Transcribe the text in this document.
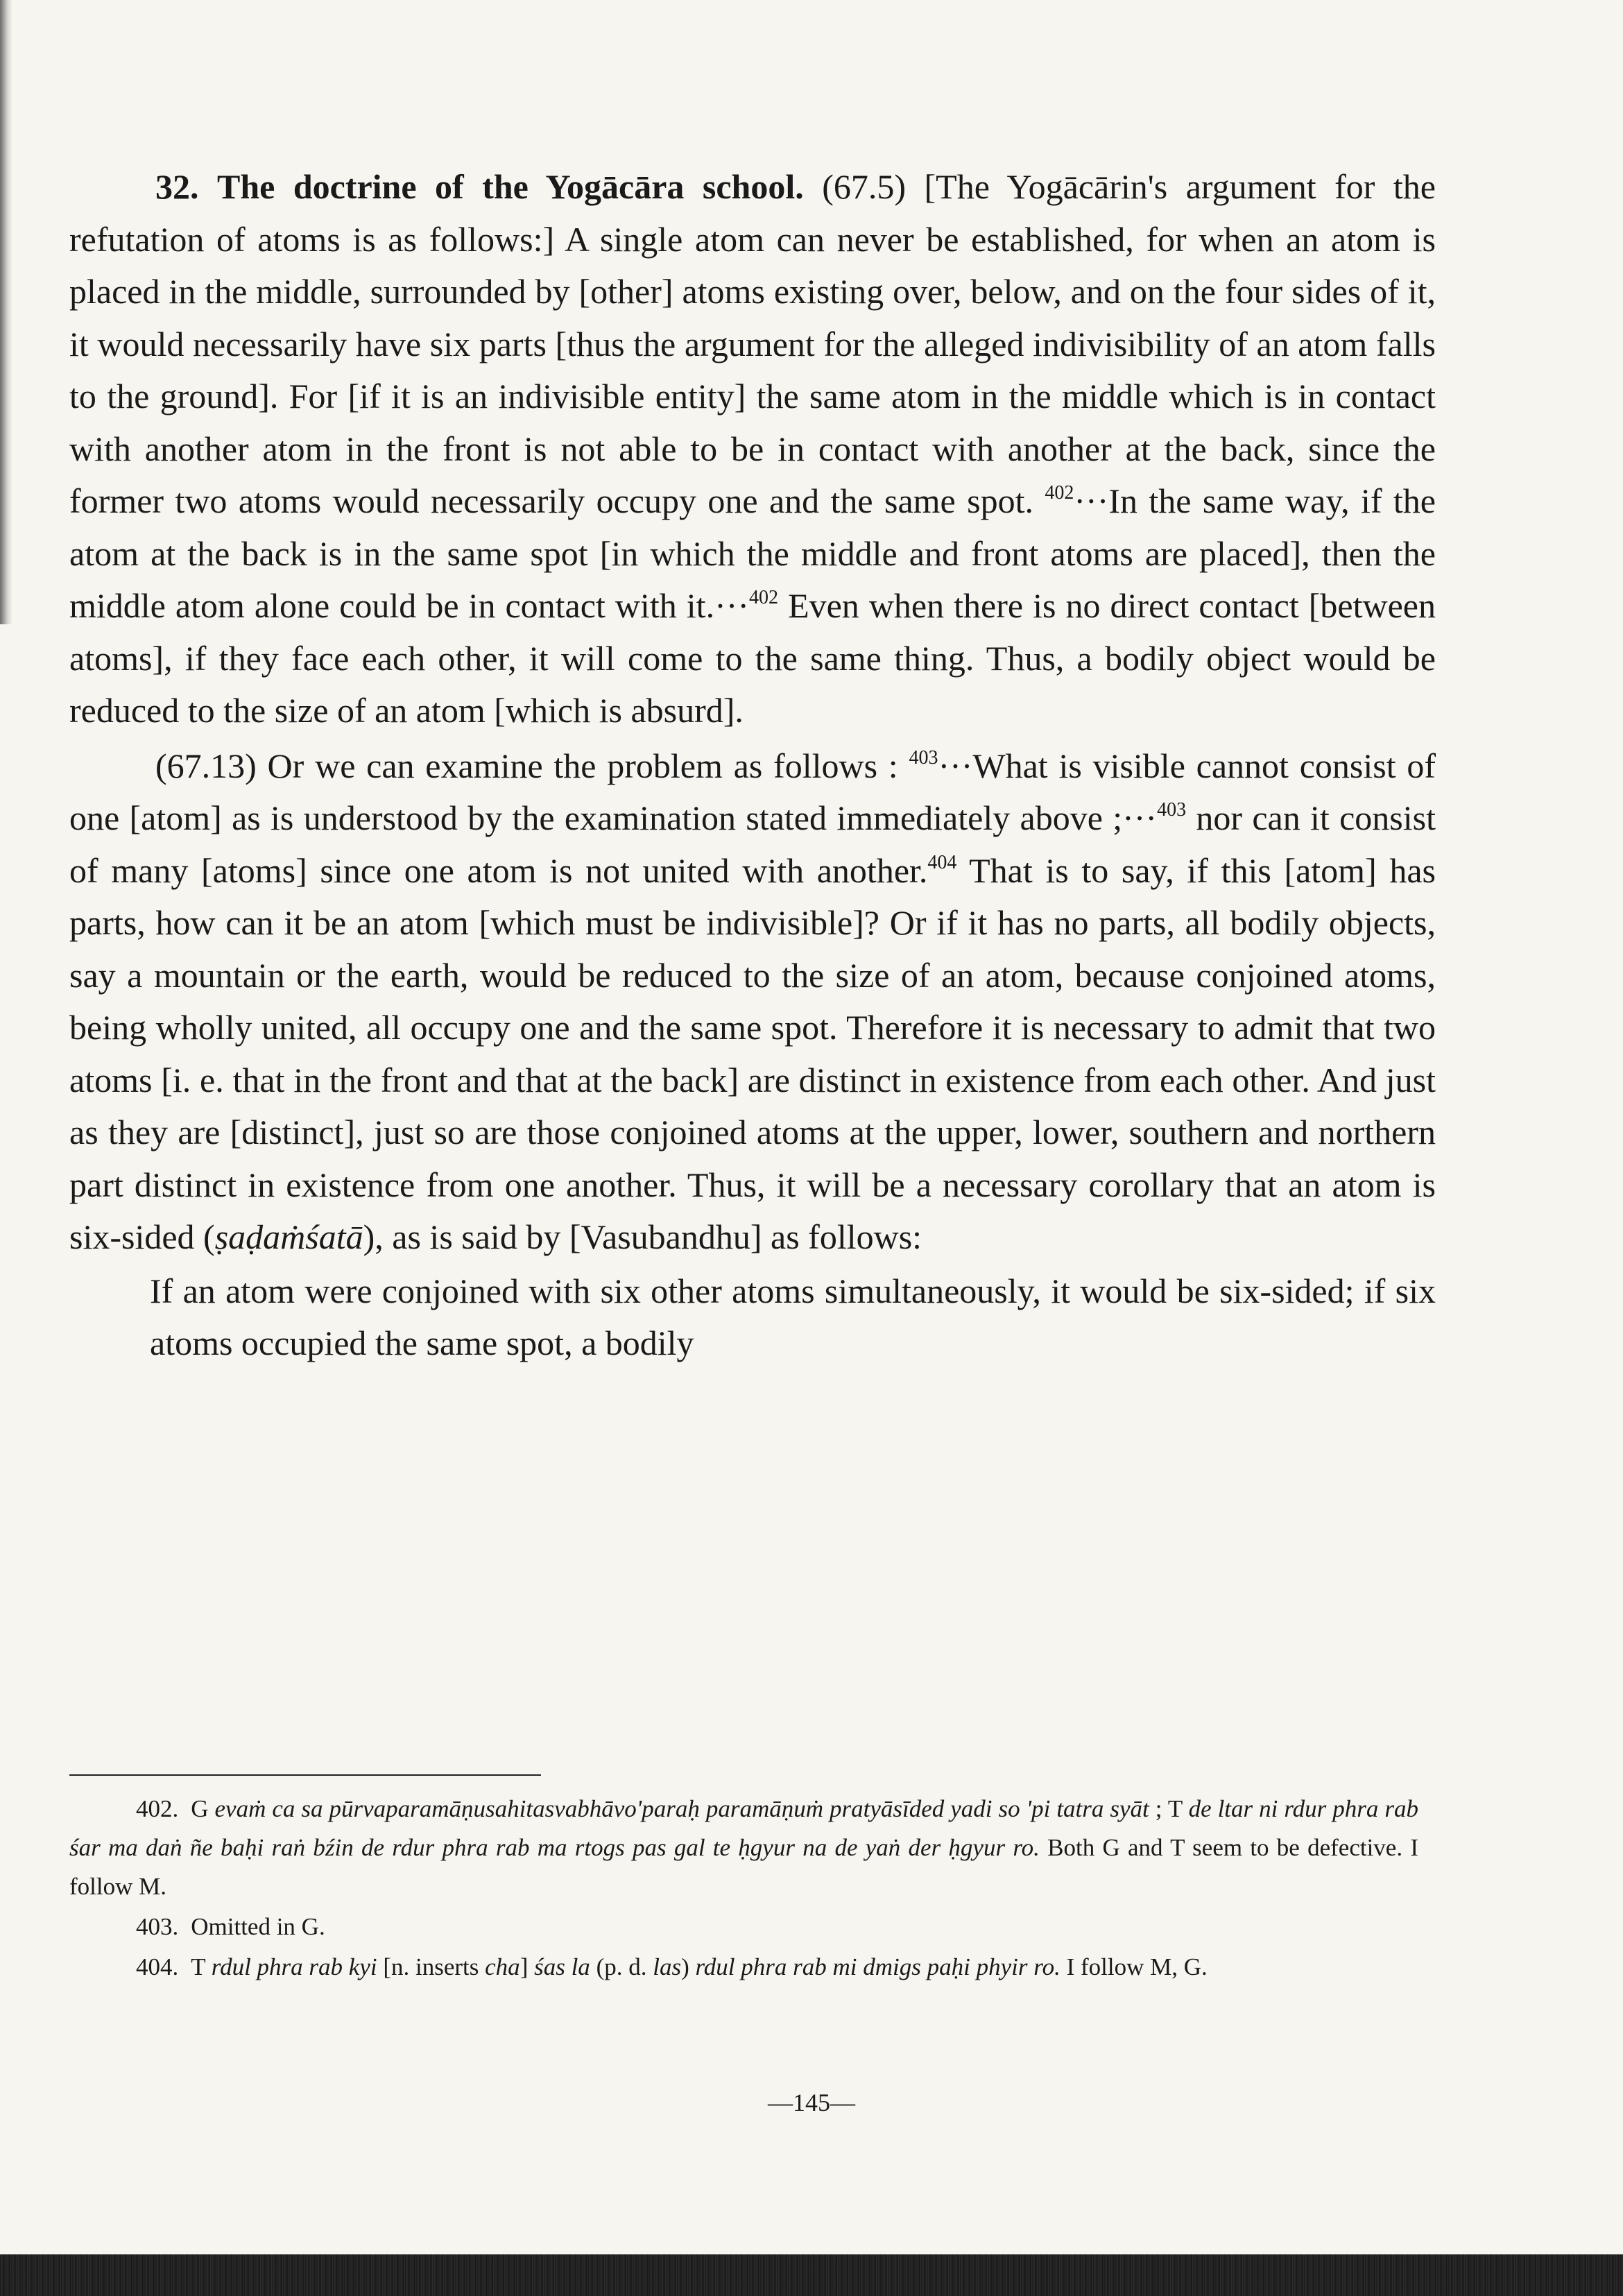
32. The doctrine of the Yogācāra school. (67.5) [The Yogācārin's argument for the refutation of atoms is as follows:] A single atom can never be established, for when an atom is placed in the middle, surrounded by [other] atoms existing over, below, and on the four sides of it, it would necessarily have six parts [thus the argument for the alleged indivisibility of an atom falls to the ground]. For [if it is an indivisible entity] the same atom in the middle which is in contact with another atom in the front is not able to be in contact with another at the back, since the former two atoms would necessarily occupy one and the same spot. $^{402}$···In the same way, if the atom at the back is in the same spot [in which the middle and front atoms are placed], then the middle atom alone could be in contact with it.···$^{402}$ Even when there is no direct contact [between atoms], if they face each other, it will come to the same thing. Thus, a bodily object would be reduced to the size of an atom [which is absurd].

(67.13) Or we can examine the problem as follows : $^{403}$···What is visible cannot consist of one [atom] as is understood by the examination stated immediately above ;···$^{403}$ nor can it consist of many [atoms] since one atom is not united with another.$^{404}$ That is to say, if this [atom] has parts, how can it be an atom [which must be indivisible]? Or if it has no parts, all bodily objects, say a mountain or the earth, would be reduced to the size of an atom, because conjoined atoms, being wholly united, all occupy one and the same spot. Therefore it is necessary to admit that two atoms [i. e. that in the front and that at the back] are distinct in existence from each other. And just as they are [distinct], just so are those conjoined atoms at the upper, lower, southern and northern part distinct in existence from one another. Thus, it will be a necessary corollary that an atom is six-sided (ṣaḍaṁśatā), as is said by [Vasubandhu] as follows:

If an atom were conjoined with six other atoms simultaneously, it would be six-sided; if six atoms occupied the same spot, a bodily

402. G evaṁ ca sa pūrvaparamāṇusahitasvabhāvo'paraḥ paramāṇuṁ pratyāsīded yadi so 'pi tatra syāt ; T de ltar ni rdur phra rab śar ma daṅ ñe baḥi raṅ bźin de rdur phra rab ma rtogs pas gal te ḥgyur na de yaṅ der ḥgyur ro. Both G and T seem to be defective. I follow M.

403. Omitted in G.

404. T rdul phra rab kyi [n. inserts cha] śas la (p. d. las) rdul phra rab mi dmigs paḥi phyir ro. I follow M, G.

—145—
